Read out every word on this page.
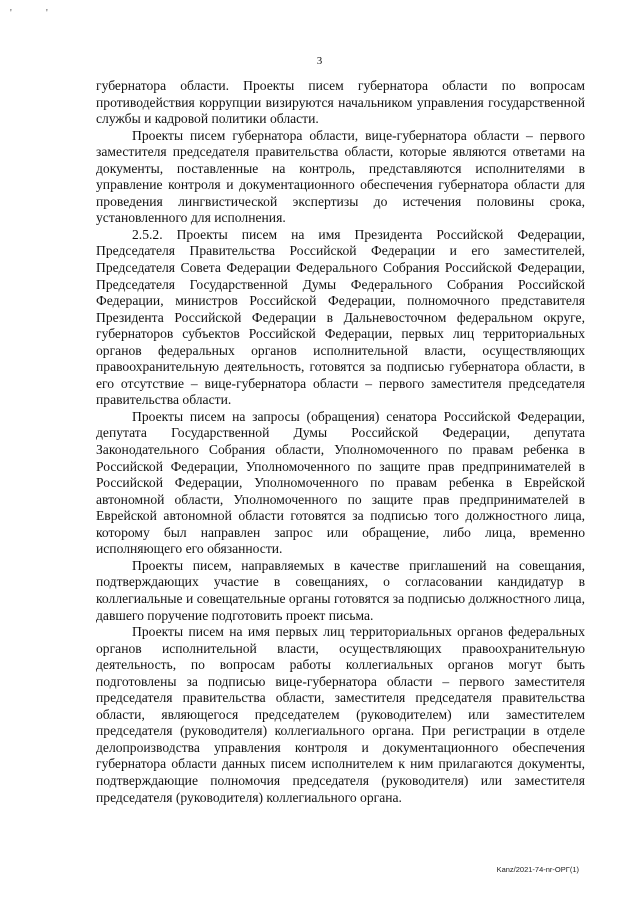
'	'
3

губернатора области. Проекты писем губернатора области по вопросам противодействия коррупции визируются начальником управления государственной службы и кадровой политики области.

Проекты писем губернатора области, вице-губернатора области – первого заместителя председателя правительства области, которые являются ответами на документы, поставленные на контроль, представляются исполнителями в управление контроля и документационного обеспечения губернатора области для проведения лингвистической экспертизы до истечения половины срока, установленного для исполнения.

2.5.2. Проекты писем на имя Президента Российской Федерации, Председателя Правительства Российской Федерации и его заместителей, Председателя Совета Федерации Федерального Собрания Российской Федерации, Председателя Государственной Думы Федерального Собрания Российской Федерации, министров Российской Федерации, полномочного представителя Президента Российской Федерации в Дальневосточном федеральном округе, губернаторов субъектов Российской Федерации, первых лиц территориальных органов федеральных органов исполнительной власти, осуществляющих правоохранительную деятельность, готовятся за подписью губернатора области, в его отсутствие – вице-губернатора области – первого заместителя председателя правительства области.

Проекты писем на запросы (обращения) сенатора Российской Федерации, депутата Государственной Думы Российской Федерации, депутата Законодательного Собрания области, Уполномоченного по правам ребенка в Российской Федерации, Уполномоченного по защите прав предпринимателей в Российской Федерации, Уполномоченного по правам ребенка в Еврейской автономной области, Уполномоченного по защите прав предпринимателей в Еврейской автономной области готовятся за подписью того должностного лица, которому был направлен запрос или обращение, либо лица, временно исполняющего его обязанности.

Проекты писем, направляемых в качестве приглашений на совещания, подтверждающих участие в совещаниях, о согласовании кандидатур в коллегиальные и совещательные органы готовятся за подписью должностного лица, давшего поручение подготовить проект письма.

Проекты писем на имя первых лиц территориальных органов федеральных органов исполнительной власти, осуществляющих правоохранительную деятельность, по вопросам работы коллегиальных органов могут быть подготовлены за подписью вице-губернатора области – первого заместителя председателя правительства области, заместителя председателя правительства области, являющегося председателем (руководителем) или заместителем председателя (руководителя) коллегиального органа. При регистрации в отделе делопроизводства управления контроля и документационного обеспечения губернатора области данных писем исполнителем к ним прилагаются документы, подтверждающие полномочия председателя (руководителя) или заместителя председателя (руководителя) коллегиального органа.

Kanz/2021-74-nr-ОРГ(1)
